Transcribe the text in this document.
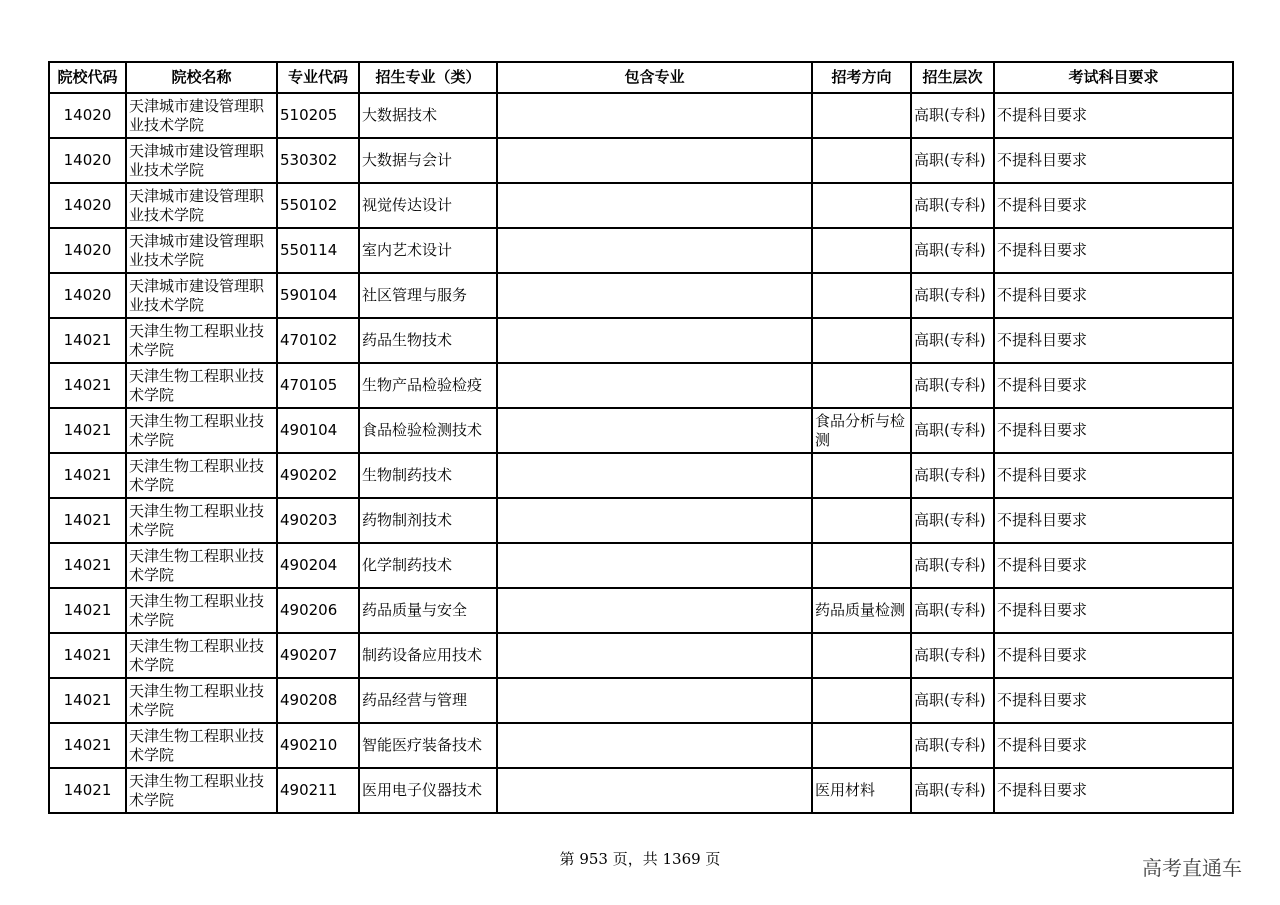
院校代码	院校名称	专业代码	招生专业（类）	包含专业	招考方向	招生层次	考试科目要求
14020	天津城市建设管理职业技术学院	510205	大数据技术			高职(专科)	不提科目要求
14020	天津城市建设管理职业技术学院	530302	大数据与会计			高职(专科)	不提科目要求
14020	天津城市建设管理职业技术学院	550102	视觉传达设计			高职(专科)	不提科目要求
14020	天津城市建设管理职业技术学院	550114	室内艺术设计			高职(专科)	不提科目要求
14020	天津城市建设管理职业技术学院	590104	社区管理与服务			高职(专科)	不提科目要求
14021	天津生物工程职业技术学院	470102	药品生物技术			高职(专科)	不提科目要求
14021	天津生物工程职业技术学院	470105	生物产品检验检疫			高职(专科)	不提科目要求
14021	天津生物工程职业技术学院	490104	食品检验检测技术		食品分析与检测	高职(专科)	不提科目要求
14021	天津生物工程职业技术学院	490202	生物制药技术			高职(专科)	不提科目要求
14021	天津生物工程职业技术学院	490203	药物制剂技术			高职(专科)	不提科目要求
14021	天津生物工程职业技术学院	490204	化学制药技术			高职(专科)	不提科目要求
14021	天津生物工程职业技术学院	490206	药品质量与安全		药品质量检测	高职(专科)	不提科目要求
14021	天津生物工程职业技术学院	490207	制药设备应用技术			高职(专科)	不提科目要求
14021	天津生物工程职业技术学院	490208	药品经营与管理			高职(专科)	不提科目要求
14021	天津生物工程职业技术学院	490210	智能医疗装备技术			高职(专科)	不提科目要求
14021	天津生物工程职业技术学院	490211	医用电子仪器技术		医用材料	高职(专科)	不提科目要求
第 953 页，共 1369 页	高考直通车
